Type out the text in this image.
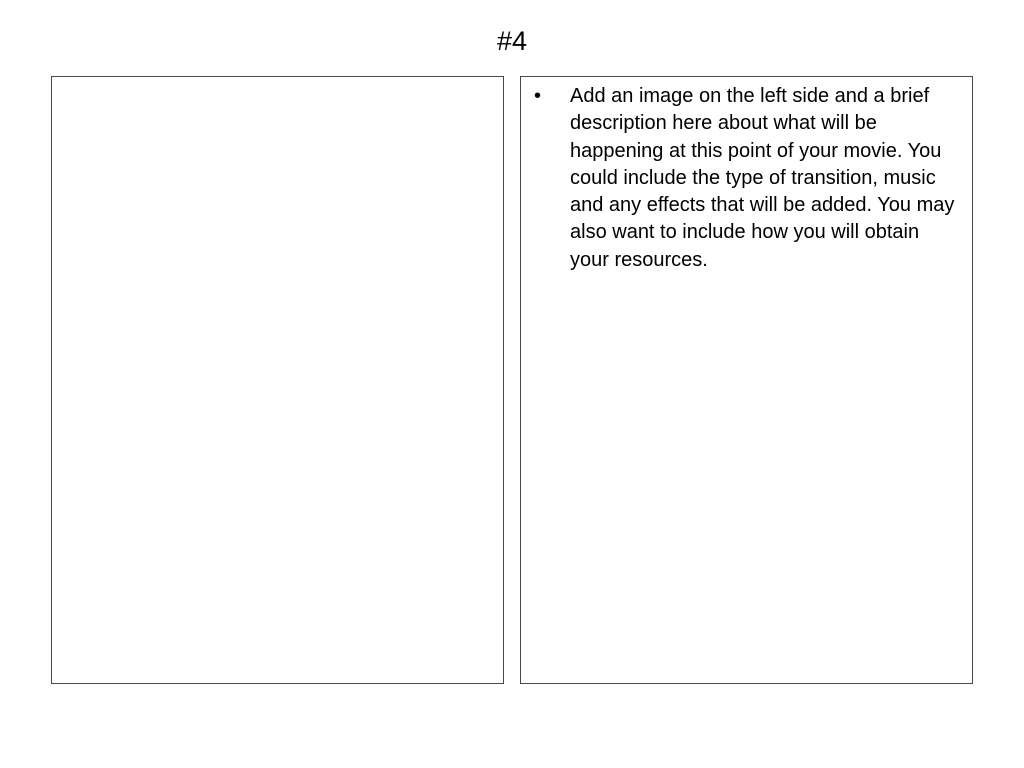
#4
•	Add an image on the left side and a brief description here about what will be happening at this point of your movie. You could include the type of transition, music and any effects that will be added. You may also want to include how you will obtain your resources.
